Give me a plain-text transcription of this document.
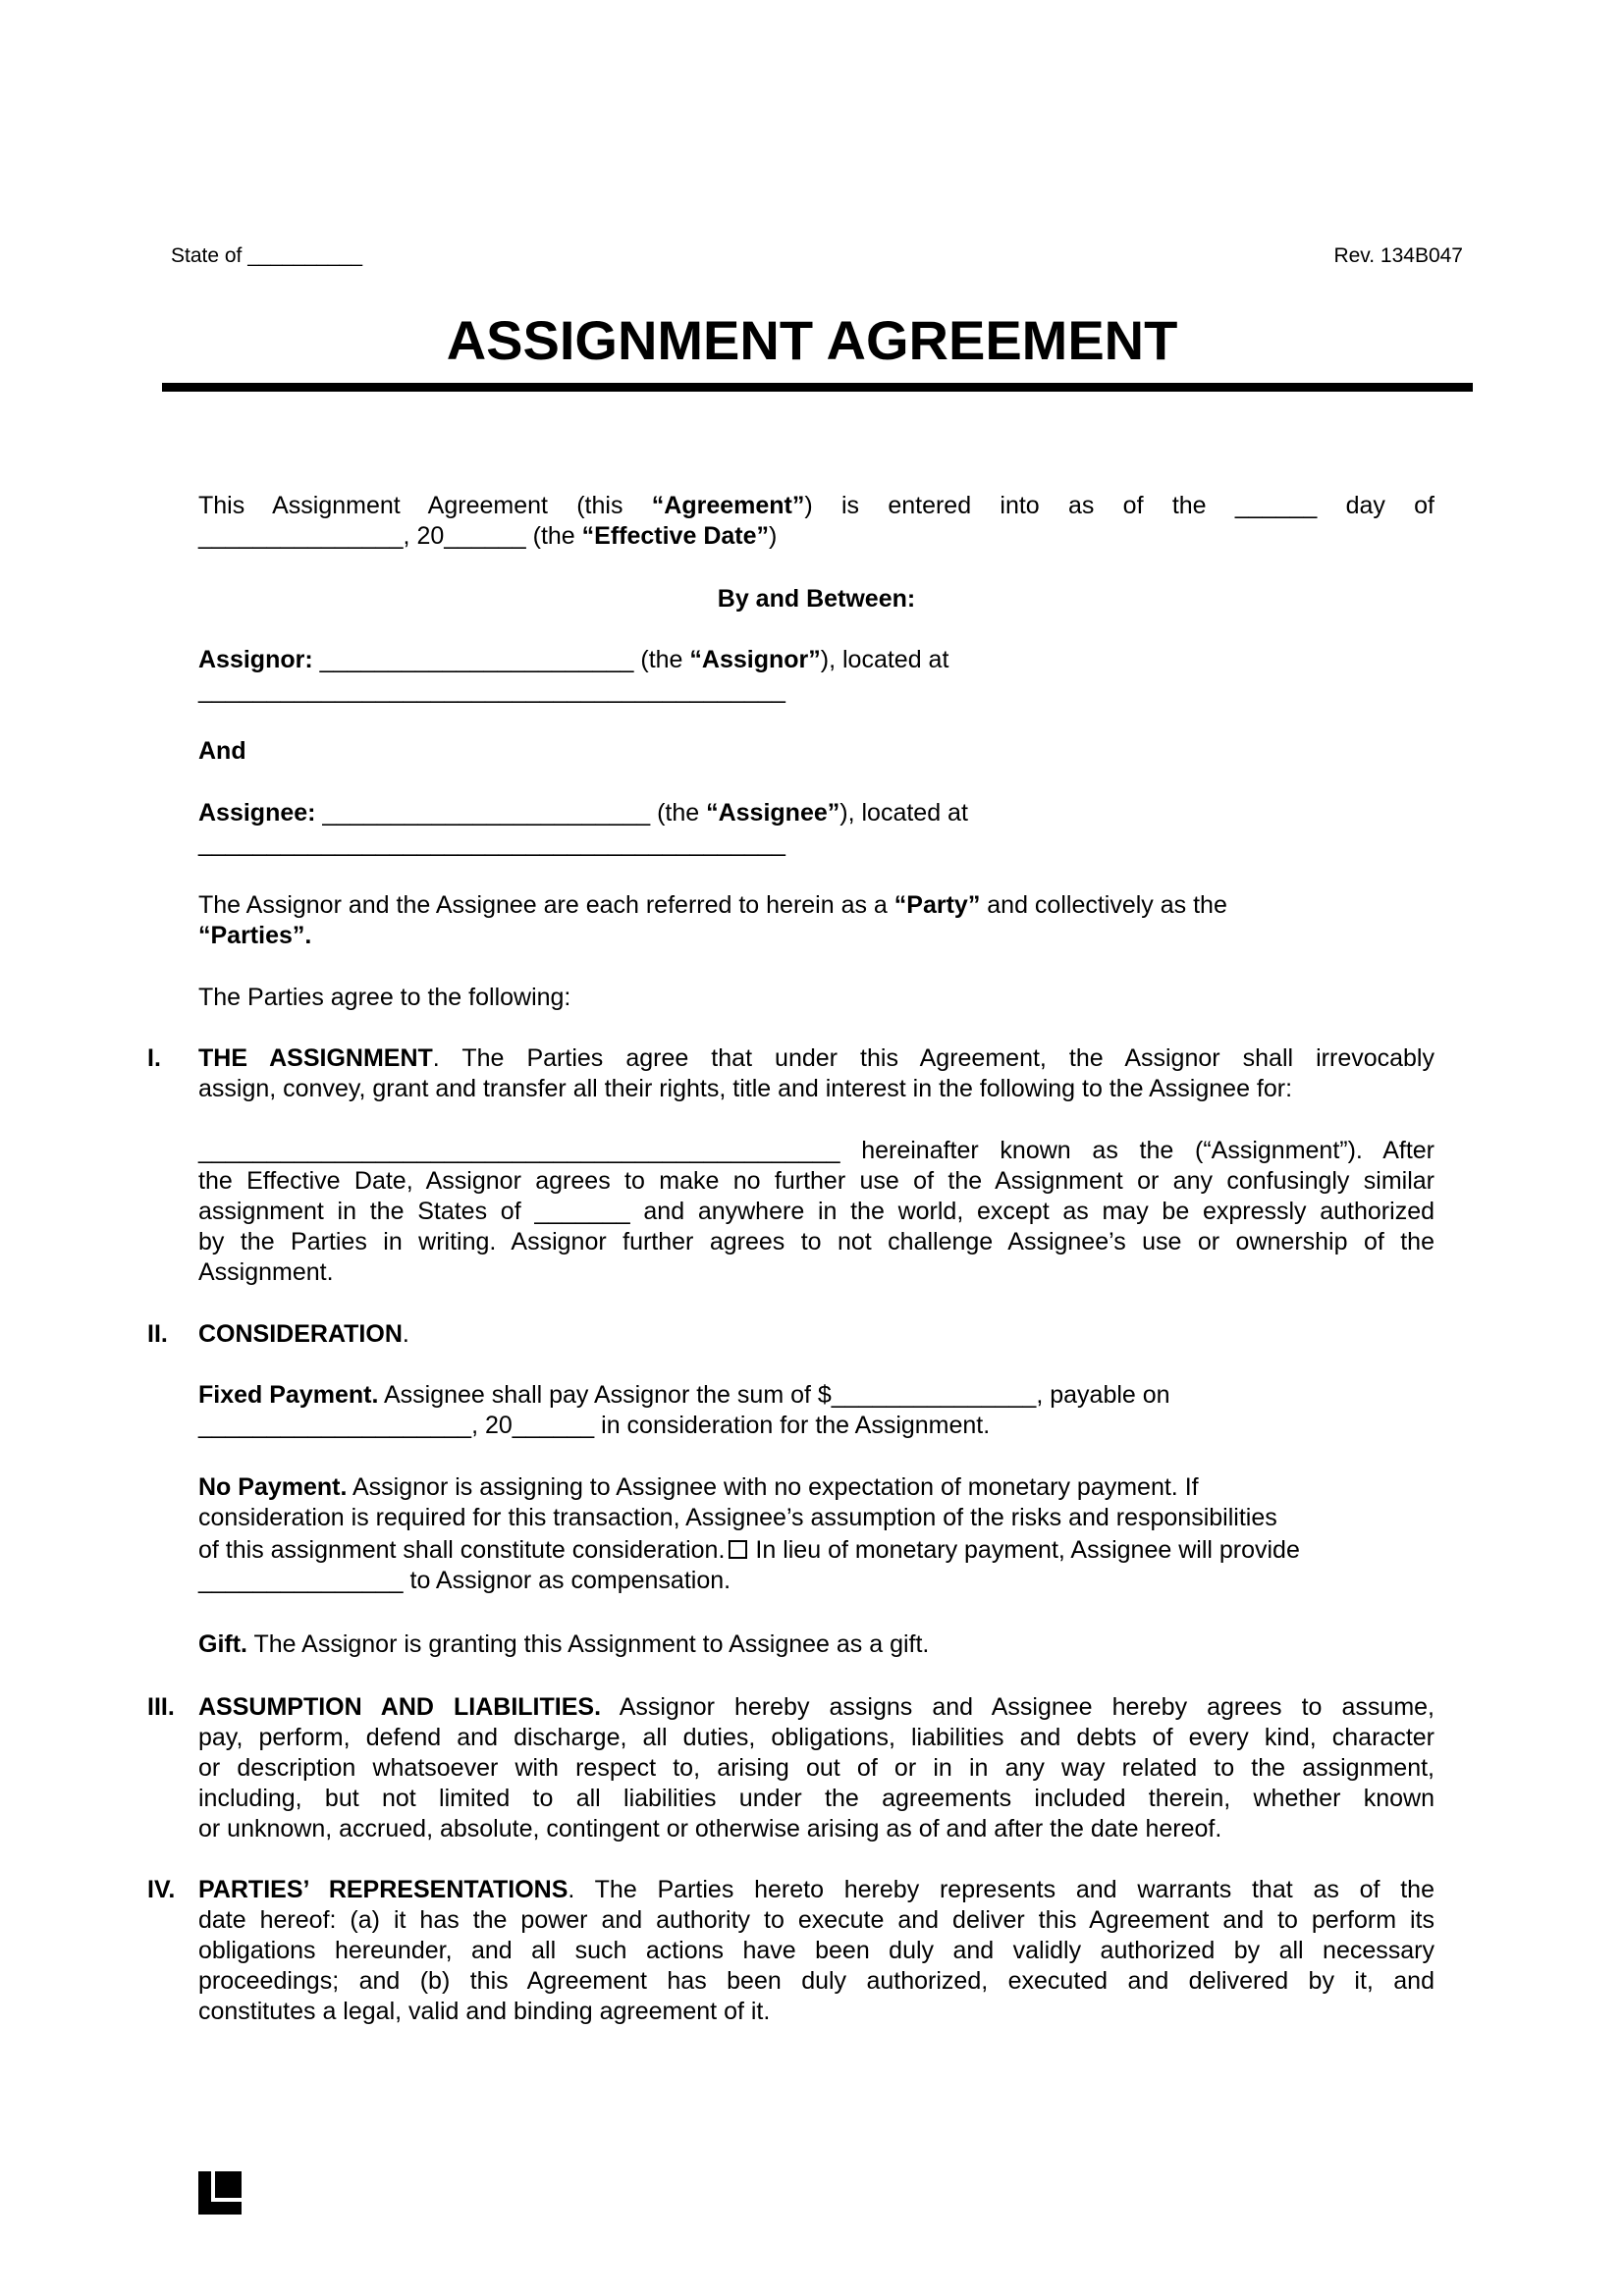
State of __________	Rev. 134B047
ASSIGNMENT AGREEMENT
This Assignment Agreement (this “Agreement”) is entered into as of the ______ day of
_______________, 20______ (the “Effective Date”)
By and Between:
Assignor: _______________________ (the “Assignor”), located at
___________________________________________
And
Assignee: ________________________ (the “Assignee”), located at
___________________________________________
The Assignor and the Assignee are each referred to herein as a “Party” and collectively as the
“Parties”.
The Parties agree to the following:
I.	THE ASSIGNMENT. The Parties agree that under this Agreement, the Assignor shall irrevocably
assign, convey, grant and transfer all their rights, title and interest in the following to the Assignee for:
_______________________________________________ hereinafter known as the (“Assignment”). After
the Effective Date, Assignor agrees to make no further use of the Assignment or any confusingly similar
assignment in the States of _______ and anywhere in the world, except as may be expressly authorized
by the Parties in writing. Assignor further agrees to not challenge Assignee’s use or ownership of the
Assignment.
II.	CONSIDERATION.
Fixed Payment. Assignee shall pay Assignor the sum of $_______________, payable on
____________________, 20______ in consideration for the Assignment.
No Payment. Assignor is assigning to Assignee with no expectation of monetary payment. If
consideration is required for this transaction, Assignee’s assumption of the risks and responsibilities
of this assignment shall constitute consideration. In lieu of monetary payment, Assignee will provide
_______________ to Assignor as compensation.
Gift. The Assignor is granting this Assignment to Assignee as a gift.
III. ASSUMPTION AND LIABILITIES. Assignor hereby assigns and Assignee hereby agrees to assume,
pay, perform, defend and discharge, all duties, obligations, liabilities and debts of every kind, character
or description whatsoever with respect to, arising out of or in in any way related to the assignment,
including, but not limited to all liabilities under the agreements included therein, whether known
or unknown, accrued, absolute, contingent or otherwise arising as of and after the date hereof.
IV. PARTIES’ REPRESENTATIONS. The Parties hereto hereby represents and warrants that as of the
date hereof: (a) it has the power and authority to execute and deliver this Agreement and to perform its
obligations hereunder, and all such actions have been duly and validly authorized by all necessary
proceedings; and (b) this Agreement has been duly authorized, executed and delivered by it, and
constitutes a legal, valid and binding agreement of it.
